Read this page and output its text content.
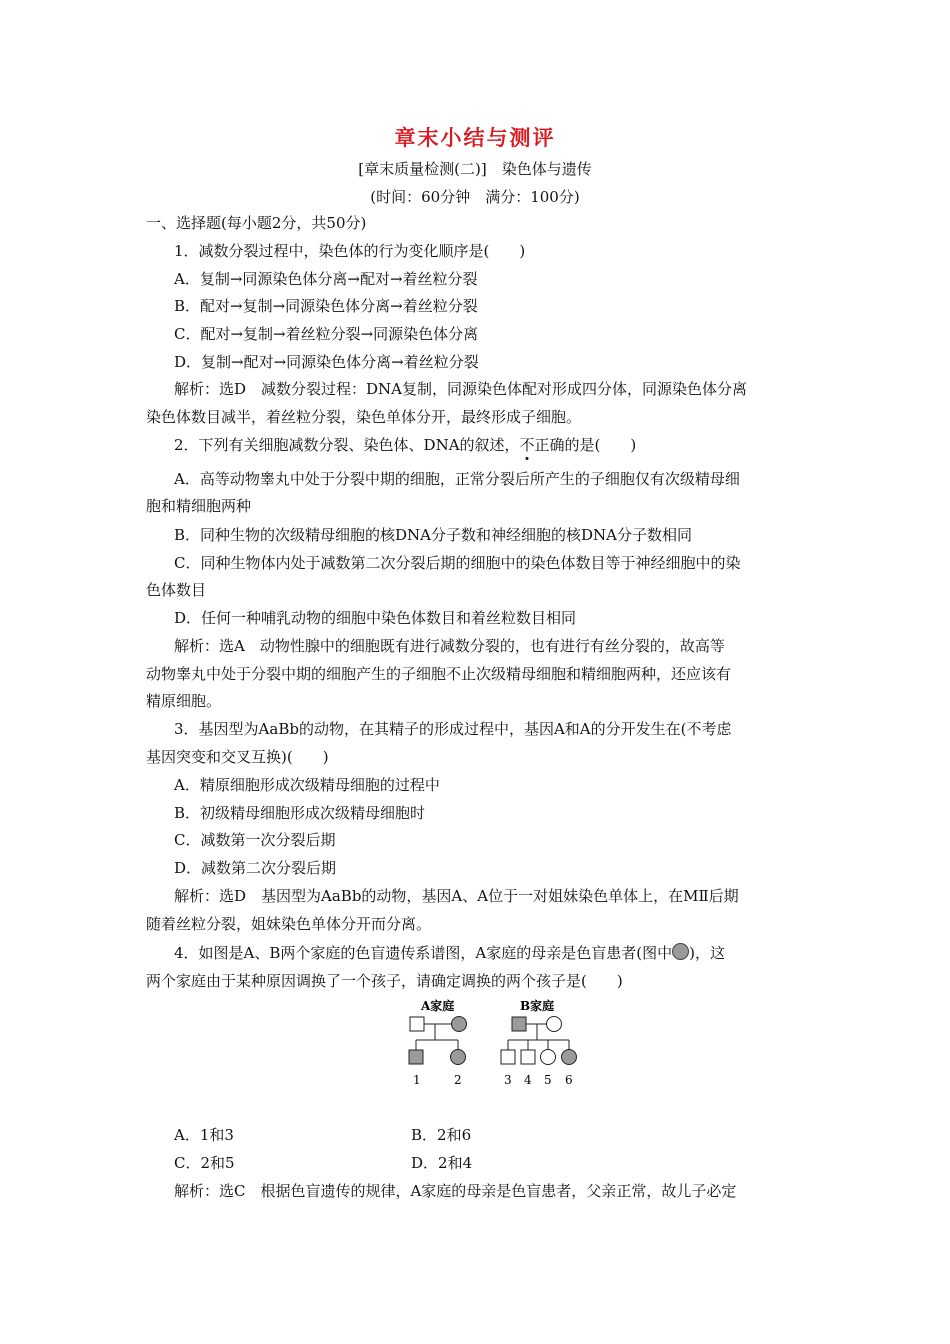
章末小结与测评
[章末质量检测(二)]　染色体与遗传
(时间：60分钟　满分：100分)
一、选择题(每小题2分，共50分)
1．减数分裂过程中，染色体的行为变化顺序是(　　)
A．复制→同源染色体分离→配对→着丝粒分裂
B．配对→复制→同源染色体分离→着丝粒分裂
C．配对→复制→着丝粒分裂→同源染色体分离
D．复制→配对→同源染色体分离→着丝粒分裂
解析：选D　减数分裂过程：DNA复制，同源染色体配对形成四分体，同源染色体分离
染色体数目减半，着丝粒分裂，染色单体分开，最终形成子细胞。
2．下列有关细胞减数分裂、染色体、DNA的叙述，不正确的是(　　)
A．高等动物睾丸中处于分裂中期的细胞，正常分裂后所产生的子细胞仅有次级精母细
胞和精细胞两种
B．同种生物的次级精母细胞的核DNA分子数和神经细胞的核DNA分子数相同
C．同种生物体内处于减数第二次分裂后期的细胞中的染色体数目等于神经细胞中的染
色体数目
D．任何一种哺乳动物的细胞中染色体数目和着丝粒数目相同
解析：选A　动物性腺中的细胞既有进行减数分裂的，也有进行有丝分裂的，故高等
动物睾丸中处于分裂中期的细胞产生的子细胞不止次级精母细胞和精细胞两种，还应该有
精原细胞。
3．基因型为AaBb的动物，在其精子的形成过程中，基因A和A的分开发生在(不考虑
基因突变和交叉互换)(　　)
A．精原细胞形成次级精母细胞的过程中
B．初级精母细胞形成次级精母细胞时
C．减数第一次分裂后期
D．减数第二次分裂后期
解析：选D　基因型为AaBb的动物，基因A、A位于一对姐妹染色单体上，在MⅡ后期
随着丝粒分裂，姐妹染色单体分开而分离。
4．如图是A、B两个家庭的色盲遗传系谱图，A家庭的母亲是色盲患者(图中 )，这
两个家庭由于某种原因调换了一个孩子，请确定调换的两个孩子是(　　)
A家庭	B家庭
1	2	3 4 5 6
A．1和3	B．2和6
C．2和5	D．2和4
解析：选C　根据色盲遗传的规律，A家庭的母亲是色盲患者，父亲正常，故儿子必定
